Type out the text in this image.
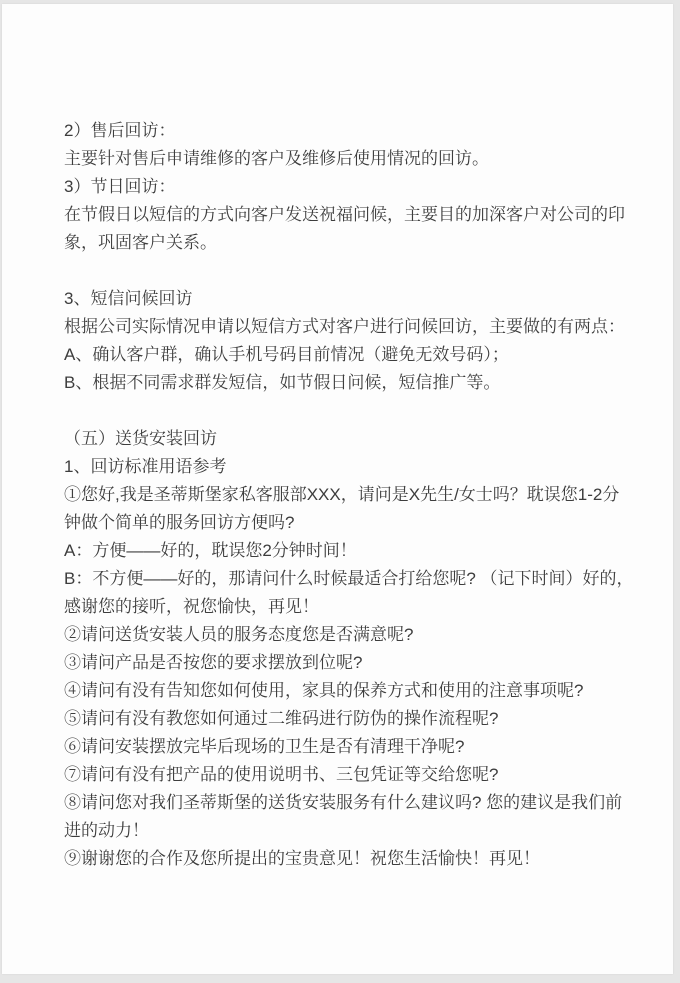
2）售后回访：
主要针对售后申请维修的客户及维修后使用情况的回访。
3）节日回访：
在节假日以短信的方式向客户发送祝福问候，主要目的加深客户对公司的印
象，巩固客户关系。

3、短信问候回访
根据公司实际情况申请以短信方式对客户进行问候回访，主要做的有两点：
A、确认客户群，确认手机号码目前情况（避免无效号码）；
B、根据不同需求群发短信，如节假日问候，短信推广等。

（五）送货安装回访
1、回访标准用语参考
①您好,我是圣蒂斯堡家私客服部XXX，请问是X先生/女士吗？耽误您1-2分
钟做个简单的服务回访方便吗?
A：方便——好的，耽误您2分钟时间！
B：不方便——好的，那请问什么时候最适合打给您呢? （记下时间）好的，
感谢您的接听，祝您愉快，再见！
②请问送货安装人员的服务态度您是否满意呢?
③请问产品是否按您的要求摆放到位呢?
④请问有没有告知您如何使用，家具的保养方式和使用的注意事项呢?
⑤请问有没有教您如何通过二维码进行防伪的操作流程呢?
⑥请问安装摆放完毕后现场的卫生是否有清理干净呢?
⑦请问有没有把产品的使用说明书、三包凭证等交给您呢?
⑧请问您对我们圣蒂斯堡的送货安装服务有什么建议吗? 您的建议是我们前
进的动力！
⑨谢谢您的合作及您所提出的宝贵意见！祝您生活愉快！再见！
